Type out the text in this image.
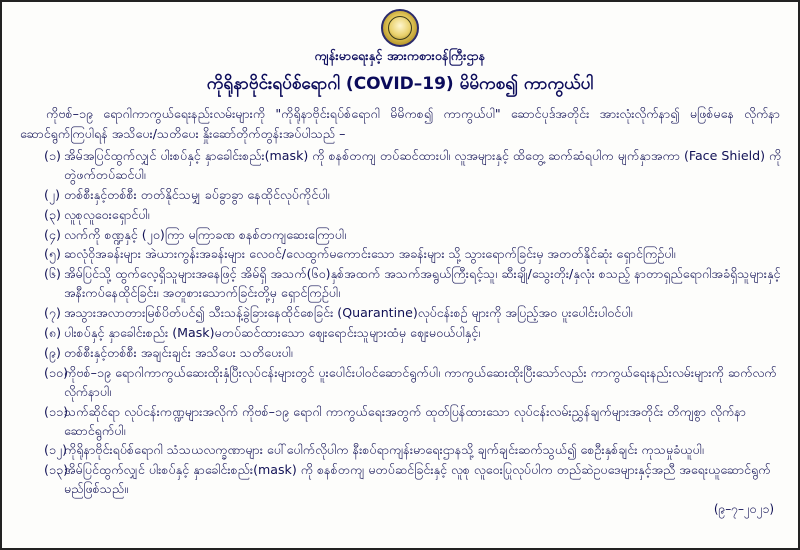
ကျန်းမာရေးနှင့် အားကစားဝန်ကြီးဌာန
ကိုရိုနာဗိုင်းရပ်စ်ရောဂါ (COVID–19) မိမိကစ၍ ကာကွယ်ပါ
ကိုဗစ်–၁၉ ရောဂါကာကွယ်ရေးနည်းလမ်းများကို "ကိုရိုနာဗိုင်းရပ်စ်ရောဂါ မိမိကစ၍ ကာကွယ်ပါ" ဆောင်ပုဒ်အတိုင်း အားလုံးလိုက်နာ၍ မဖြစ်မနေ လိုက်နာဆောင်ရွက်ကြပါရန် အသိပေး/သတိပေး နှိုးဆော်တိုက်တွန်းအပ်ပါသည် –
(၁) အိမ်အပြင်ထွက်လျှင် ပါးစပ်နှင့် နှာခေါင်းစည်း(mask) ကို စနစ်တကျ တပ်ဆင်ထားပါ၊ လူအများနှင့် ထိတွေ့ ဆက်ဆံရပါက မျက်နှာအကာ (Face Shield) ကို တွဲဖက်တပ်ဆင်ပါ၊
(၂) တစ်စီးနှင့်တစ်စီး တတ်နိုင်သမျှ ခပ်ခွာခွာ နေထိုင်လုပ်ကိုင်ပါ၊
(၃) လူစုလူဝေးရှောင်ပါ၊
(၄) လက်ကို စဏ္ဍနှင့် (၂၀)ကြာ မကြာခဏ စနစ်တကျဆေးကြောပါ၊
(၅) ဆလုံဝိုအခန်းများ အဲယားကွန်းအခန်းများ လေဝင်/လေထွက်မကောင်းသော အခန်းများ သို့ သွားရောက်ခြင်းမှ အတတ်နိုင်ဆုံး ရှောင်ကြဉ်ပါ၊
(၆) အိမ်ပြင်သို့ ထွက်လေ့ရှိသူများအနေဖြင့် အိမ်ရှိ အသက်(၆၀)နှစ်အထက် အသက်အရွယ်ကြီးရင့်သူ၊ ဆီးချို/သွေးတိုး/နှလုံး စသည့် နာတာရှည်ရောဂါအခံရှိသူများနှင့် အနီးကပ်နေထိုင်ခြင်း၊ အတူစားသောက်ခြင်းတို့မှ ရှောင်ကြဉ်ပါ၊
(၇) အသွားအလာတားမြစ်ပိတ်ပင်၍ သီးသန့်ခွဲခြားနေထိုင်စေခြင်း (Quarantine)လုပ်ငန်းစဉ် များကို အပြည့်အဝ ပူးပေါင်းပါဝင်ပါ၊
(၈) ပါးစပ်နှင့် နှာခေါင်းစည်း (Mask)မတပ်ဆင်ထားသော ဈေးရောင်းသူများထံမှ ဈေးမဝယ်ပါနှင့်၊
(၉) တစ်စီးနှင့်တစ်စီး အချင်းချင်း အသိပေး သတိပေးပါ၊
(၁၀)
ကိုဗစ်–၁၉ ရောဂါကာကွယ်ဆေးထိုးနှံပြီးလုပ်ငန်းများတွင် ပူးပေါင်းပါဝင်ဆောင်ရွက်ပါ၊ ကာကွယ်ဆေးထိုးပြီးသော်လည်း ကာကွယ်ရေးနည်းလမ်းများကို ဆက်လက်လိုက်နာပါ၊
(၁၁)
သက်ဆိုင်ရာ လုပ်ငန်းကဏ္ဍများအလိုက် ကိုဗစ်–၁၉ ရောဂါ ကာကွယ်ရေးအတွက် ထုတ်ပြန်ထားသော လုပ်ငန်းလမ်းညွှန်ချက်များအတိုင်း တိကျစွာ လိုက်နာဆောင်ရွက်ပါ၊
(၁၂)
ကိုရိုနာဗိုင်းရပ်စ်ရောဂါ သံသယလက္ခဏာများ ပေါ်ပေါက်လိုပါက နီးစပ်ရာကျန်းမာရေးဌာနသို့ ချက်ချင်းဆက်သွယ်၍ စေဦးနှစ်ချင်း ကုသမှုခံယူပါ၊
(၁၃)
အိမ်ပြင်ထွက်လျှင် ပါးစပ်နှင့် နှာခေါင်းစည်း(mask) ကို စနစ်တကျ မတပ်ဆင်ခြင်းနှင့် လူစု လူဝေးပြုလုပ်ပါက တည်ဆဲဥပဒေများနှင့်အညီ အရေးယူဆောင်ရွက်မည်ဖြစ်သည်။
(၉–၇–၂၀၂၁)
